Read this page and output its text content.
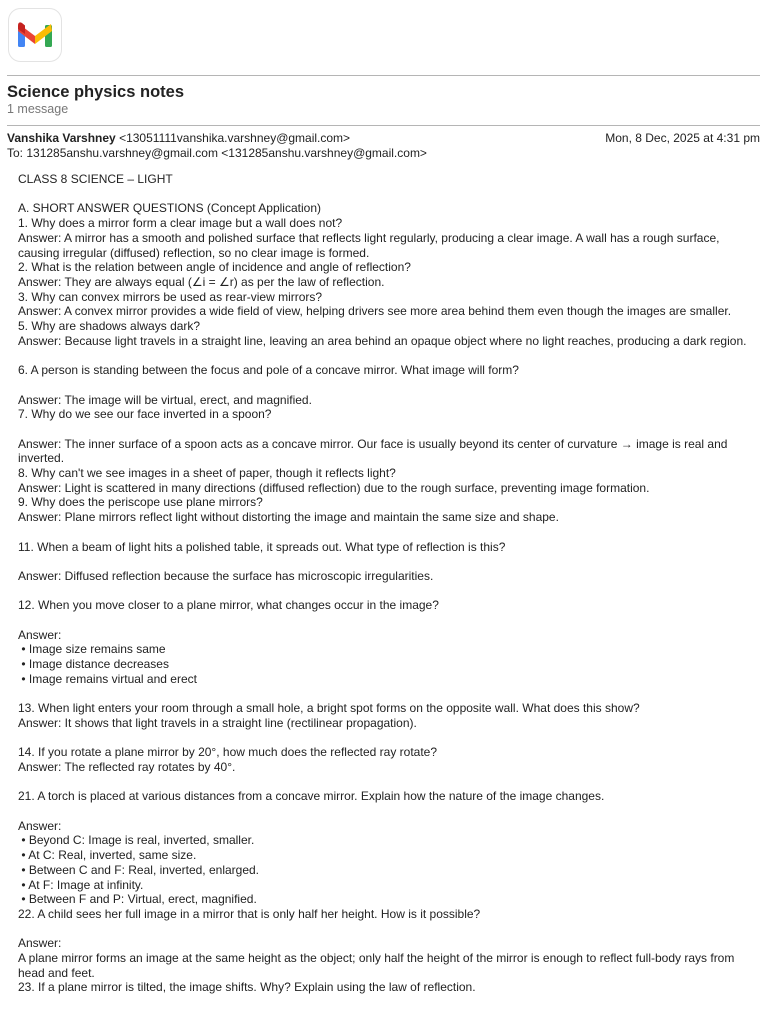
Science physics notes
1 message
Vanshika Varshney <13051111vanshika.varshney@gmail.com>	Mon, 8 Dec, 2025 at 4:31 pm
To: 131285anshu.varshney@gmail.com <131285anshu.varshney@gmail.com>
CLASS 8 SCIENCE – LIGHT
A. SHORT ANSWER QUESTIONS (Concept Application)
1. Why does a mirror form a clear image but a wall does not?
Answer: A mirror has a smooth and polished surface that reflects light regularly, producing a clear image. A wall has a rough surface, causing irregular (diffused) reflection, so no clear image is formed.
2. What is the relation between angle of incidence and angle of reflection?
Answer: They are always equal (∠i = ∠r) as per the law of reflection.
3. Why can convex mirrors be used as rear-view mirrors?
Answer: A convex mirror provides a wide field of view, helping drivers see more area behind them even though the images are smaller.
5. Why are shadows always dark?
Answer: Because light travels in a straight line, leaving an area behind an opaque object where no light reaches, producing a dark region.
6. A person is standing between the focus and pole of a concave mirror. What image will form?
Answer: The image will be virtual, erect, and magnified.
7. Why do we see our face inverted in a spoon?
Answer: The inner surface of a spoon acts as a concave mirror. Our face is usually beyond its center of curvature → image is real and inverted.
8. Why can't we see images in a sheet of paper, though it reflects light?
Answer: Light is scattered in many directions (diffused reflection) due to the rough surface, preventing image formation.
9. Why does the periscope use plane mirrors?
Answer: Plane mirrors reflect light without distorting the image and maintain the same size and shape.
11. When a beam of light hits a polished table, it spreads out. What type of reflection is this?
Answer: Diffused reflection because the surface has microscopic irregularities.
12. When you move closer to a plane mirror, what changes occur in the image?
Answer:
• Image size remains same
• Image distance decreases
• Image remains virtual and erect
13. When light enters your room through a small hole, a bright spot forms on the opposite wall. What does this show?
Answer: It shows that light travels in a straight line (rectilinear propagation).
14. If you rotate a plane mirror by 20°, how much does the reflected ray rotate?
Answer: The reflected ray rotates by 40°.
21. A torch is placed at various distances from a concave mirror. Explain how the nature of the image changes.
Answer:
• Beyond C: Image is real, inverted, smaller.
• At C: Real, inverted, same size.
• Between C and F: Real, inverted, enlarged.
• At F: Image at infinity.
• Between F and P: Virtual, erect, magnified.
22. A child sees her full image in a mirror that is only half her height. How is it possible?
Answer:
A plane mirror forms an image at the same height as the object; only half the height of the mirror is enough to reflect full-body rays from head and feet.
23. If a plane mirror is tilted, the image shifts. Why? Explain using the law of reflection.
